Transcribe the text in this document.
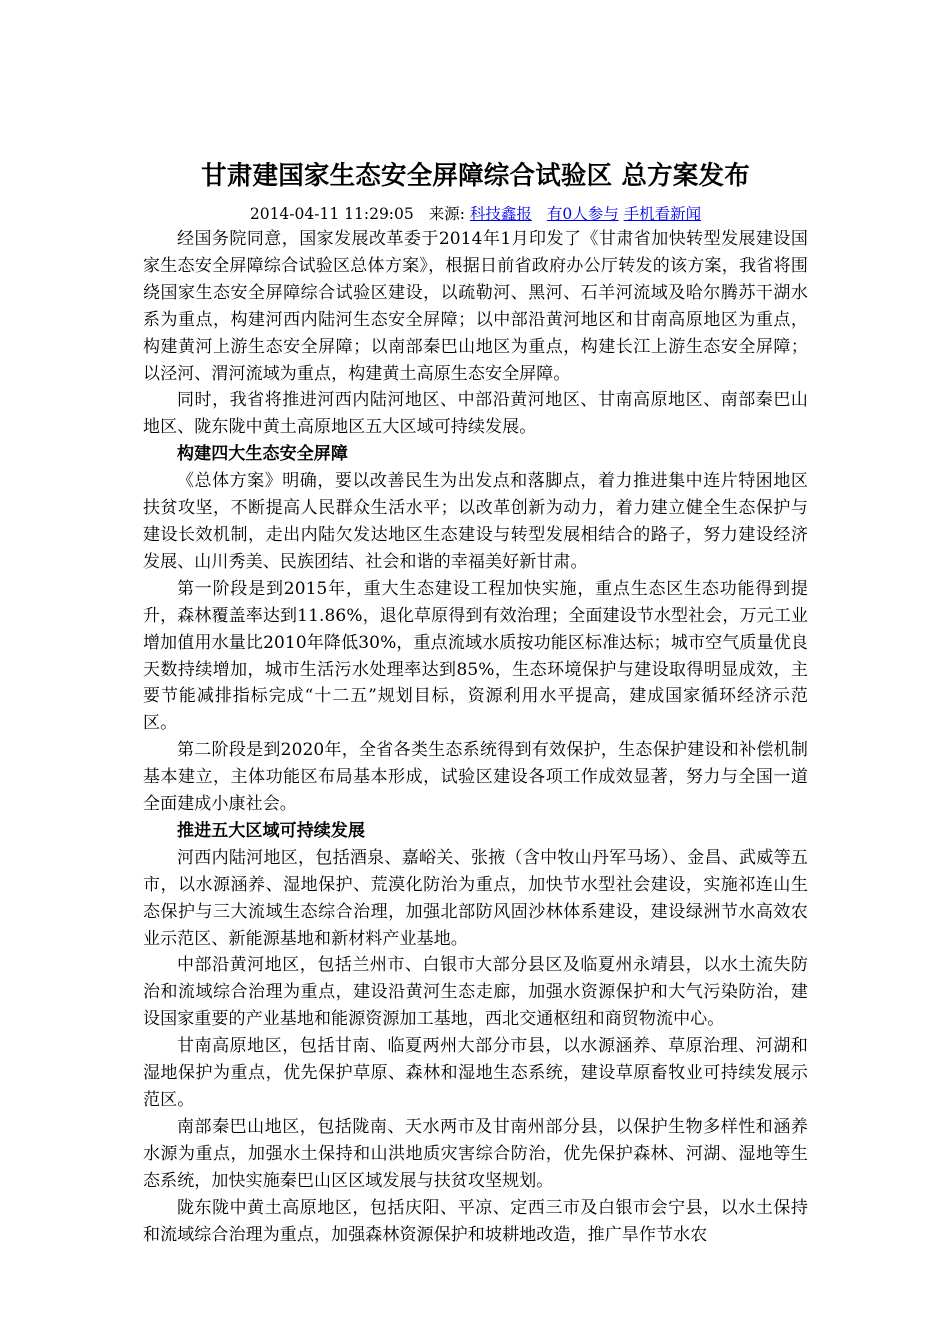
甘肃建国家生态安全屏障综合试验区 总方案发布
2014-04-11 11:29:05 来源: 科技鑫报 有0人参与 手机看新闻

经国务院同意，国家发展改革委于2014年1月印发了《甘肃省加快转型发展建设国家生态安全屏障综合试验区总体方案》，根据日前省政府办公厅转发的该方案，我省将围绕国家生态安全屏障综合试验区建设，以疏勒河、黑河、石羊河流域及哈尔腾苏干湖水系为重点，构建河西内陆河生态安全屏障；以中部沿黄河地区和甘南高原地区为重点，构建黄河上游生态安全屏障；以南部秦巴山地区为重点，构建长江上游生态安全屏障；以泾河、渭河流域为重点，构建黄土高原生态安全屏障。

同时，我省将推进河西内陆河地区、中部沿黄河地区、甘南高原地区、南部秦巴山地区、陇东陇中黄土高原地区五大区域可持续发展。

构建四大生态安全屏障

《总体方案》明确，要以改善民生为出发点和落脚点，着力推进集中连片特困地区扶贫攻坚，不断提高人民群众生活水平；以改革创新为动力，着力建立健全生态保护与建设长效机制，走出内陆欠发达地区生态建设与转型发展相结合的路子，努力建设经济发展、山川秀美、民族团结、社会和谐的幸福美好新甘肃。

第一阶段是到2015年，重大生态建设工程加快实施，重点生态区生态功能得到提升，森林覆盖率达到11.86%，退化草原得到有效治理；全面建设节水型社会，万元工业增加值用水量比2010年降低30%，重点流域水质按功能区标准达标；城市空气质量优良天数持续增加，城市生活污水处理率达到85%，生态环境保护与建设取得明显成效，主要节能减排指标完成“十二五”规划目标，资源利用水平提高，建成国家循环经济示范区。

第二阶段是到2020年，全省各类生态系统得到有效保护，生态保护建设和补偿机制基本建立，主体功能区布局基本形成，试验区建设各项工作成效显著，努力与全国一道全面建成小康社会。

推进五大区域可持续发展

河西内陆河地区，包括酒泉、嘉峪关、张掖（含中牧山丹军马场）、金昌、武威等五市，以水源涵养、湿地保护、荒漠化防治为重点，加快节水型社会建设，实施祁连山生态保护与三大流域生态综合治理，加强北部防风固沙林体系建设，建设绿洲节水高效农业示范区、新能源基地和新材料产业基地。

中部沿黄河地区，包括兰州市、白银市大部分县区及临夏州永靖县，以水土流失防治和流域综合治理为重点，建设沿黄河生态走廊，加强水资源保护和大气污染防治，建设国家重要的产业基地和能源资源加工基地，西北交通枢纽和商贸物流中心。

甘南高原地区，包括甘南、临夏两州大部分市县，以水源涵养、草原治理、河湖和湿地保护为重点，优先保护草原、森林和湿地生态系统，建设草原畜牧业可持续发展示范区。

南部秦巴山地区，包括陇南、天水两市及甘南州部分县，以保护生物多样性和涵养水源为重点，加强水土保持和山洪地质灾害综合防治，优先保护森林、河湖、湿地等生态系统，加快实施秦巴山区区域发展与扶贫攻坚规划。

陇东陇中黄土高原地区，包括庆阳、平凉、定西三市及白银市会宁县，以水土保持和流域综合治理为重点，加强森林资源保护和坡耕地改造，推广旱作节水农
